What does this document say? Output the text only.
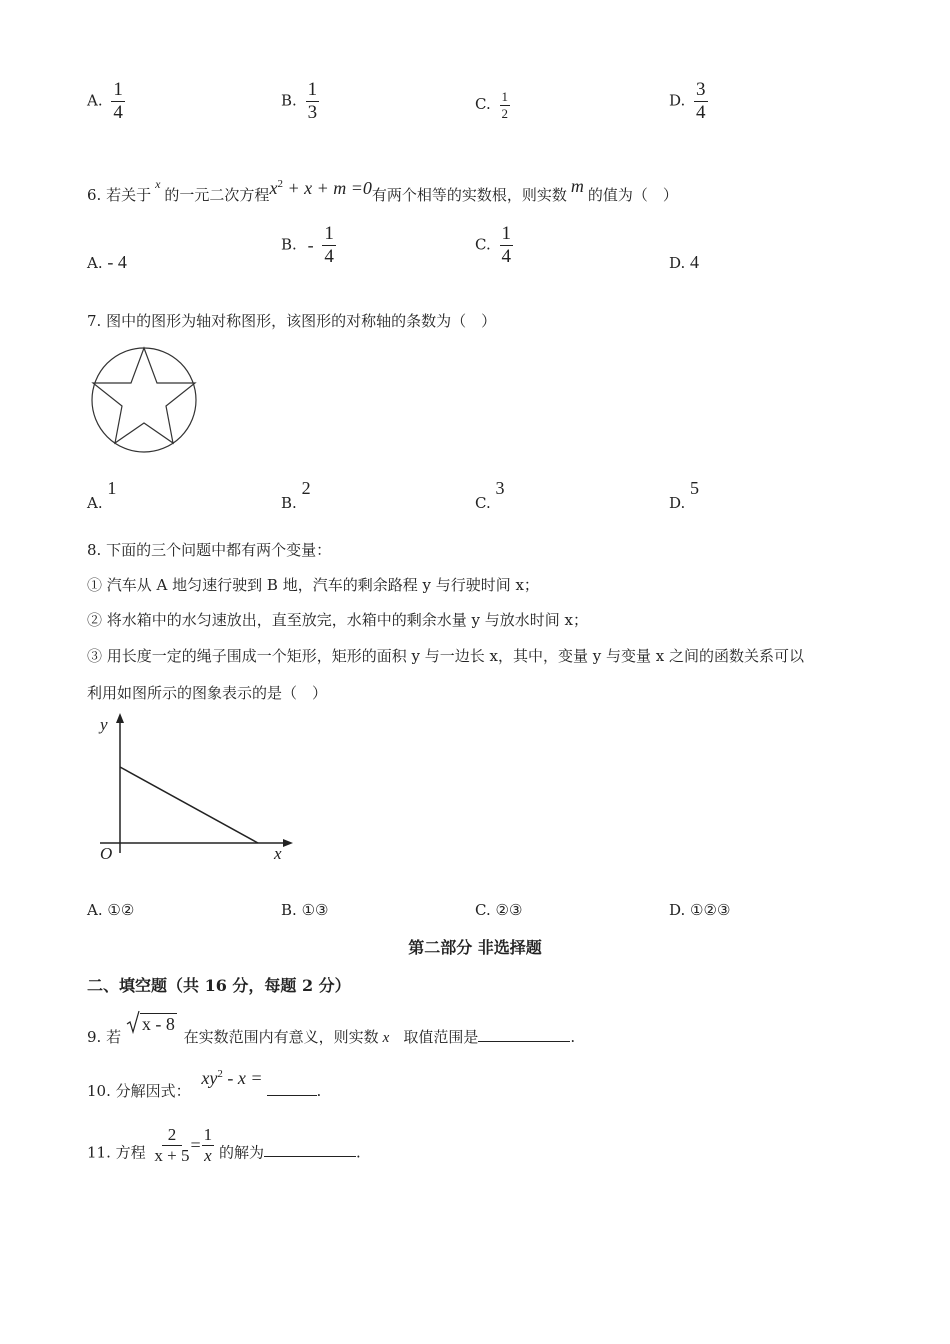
A. $\frac{1}{4}$	B. $\frac{1}{3}$	C. $\frac{1}{2}$	D. $\frac{3}{4}$
6. 若关于$^x$的一元二次方程$x^2 + x + m =0$有两个相等的实数根，则实数 m 的值为（　）
A. - 4
B. - $\frac{1}{4}$	C. $\frac{1}{4}$	D. 4
7. 图中的图形为轴对称图形，该图形的对称轴的条数为（　）
A. 1
B. 2
C. 3
D. 5
8. 下面的三个问题中都有两个变量：
① 汽车从 A 地匀速行驶到 B 地，汽车的剩余路程 y 与行驶时间 x；
② 将水箱中的水匀速放出，直至放完，水箱中的剩余水量 y 与放水时间 x；
③ 用长度一定的绳子围成一个矩形，矩形的面积 y 与一边长 x，其中，变量 y 与变量 x 之间的函数关系可以
利用如图所示的图象表示的是（　）
y
x
O
A. ①②	B. ①③	C. ②③	D. ①②③
第二部分 非选择题
二、填空题（共 16 分，每题 2 分）
9. 若 x - 8 在实数范围内有意义，则实数 x 取值范围是	.
10. 分解因式： $xy^2$ - x =.
11. 方程 $\frac{2}{x + 5} = \frac{1}{x}$ 的解为	.
